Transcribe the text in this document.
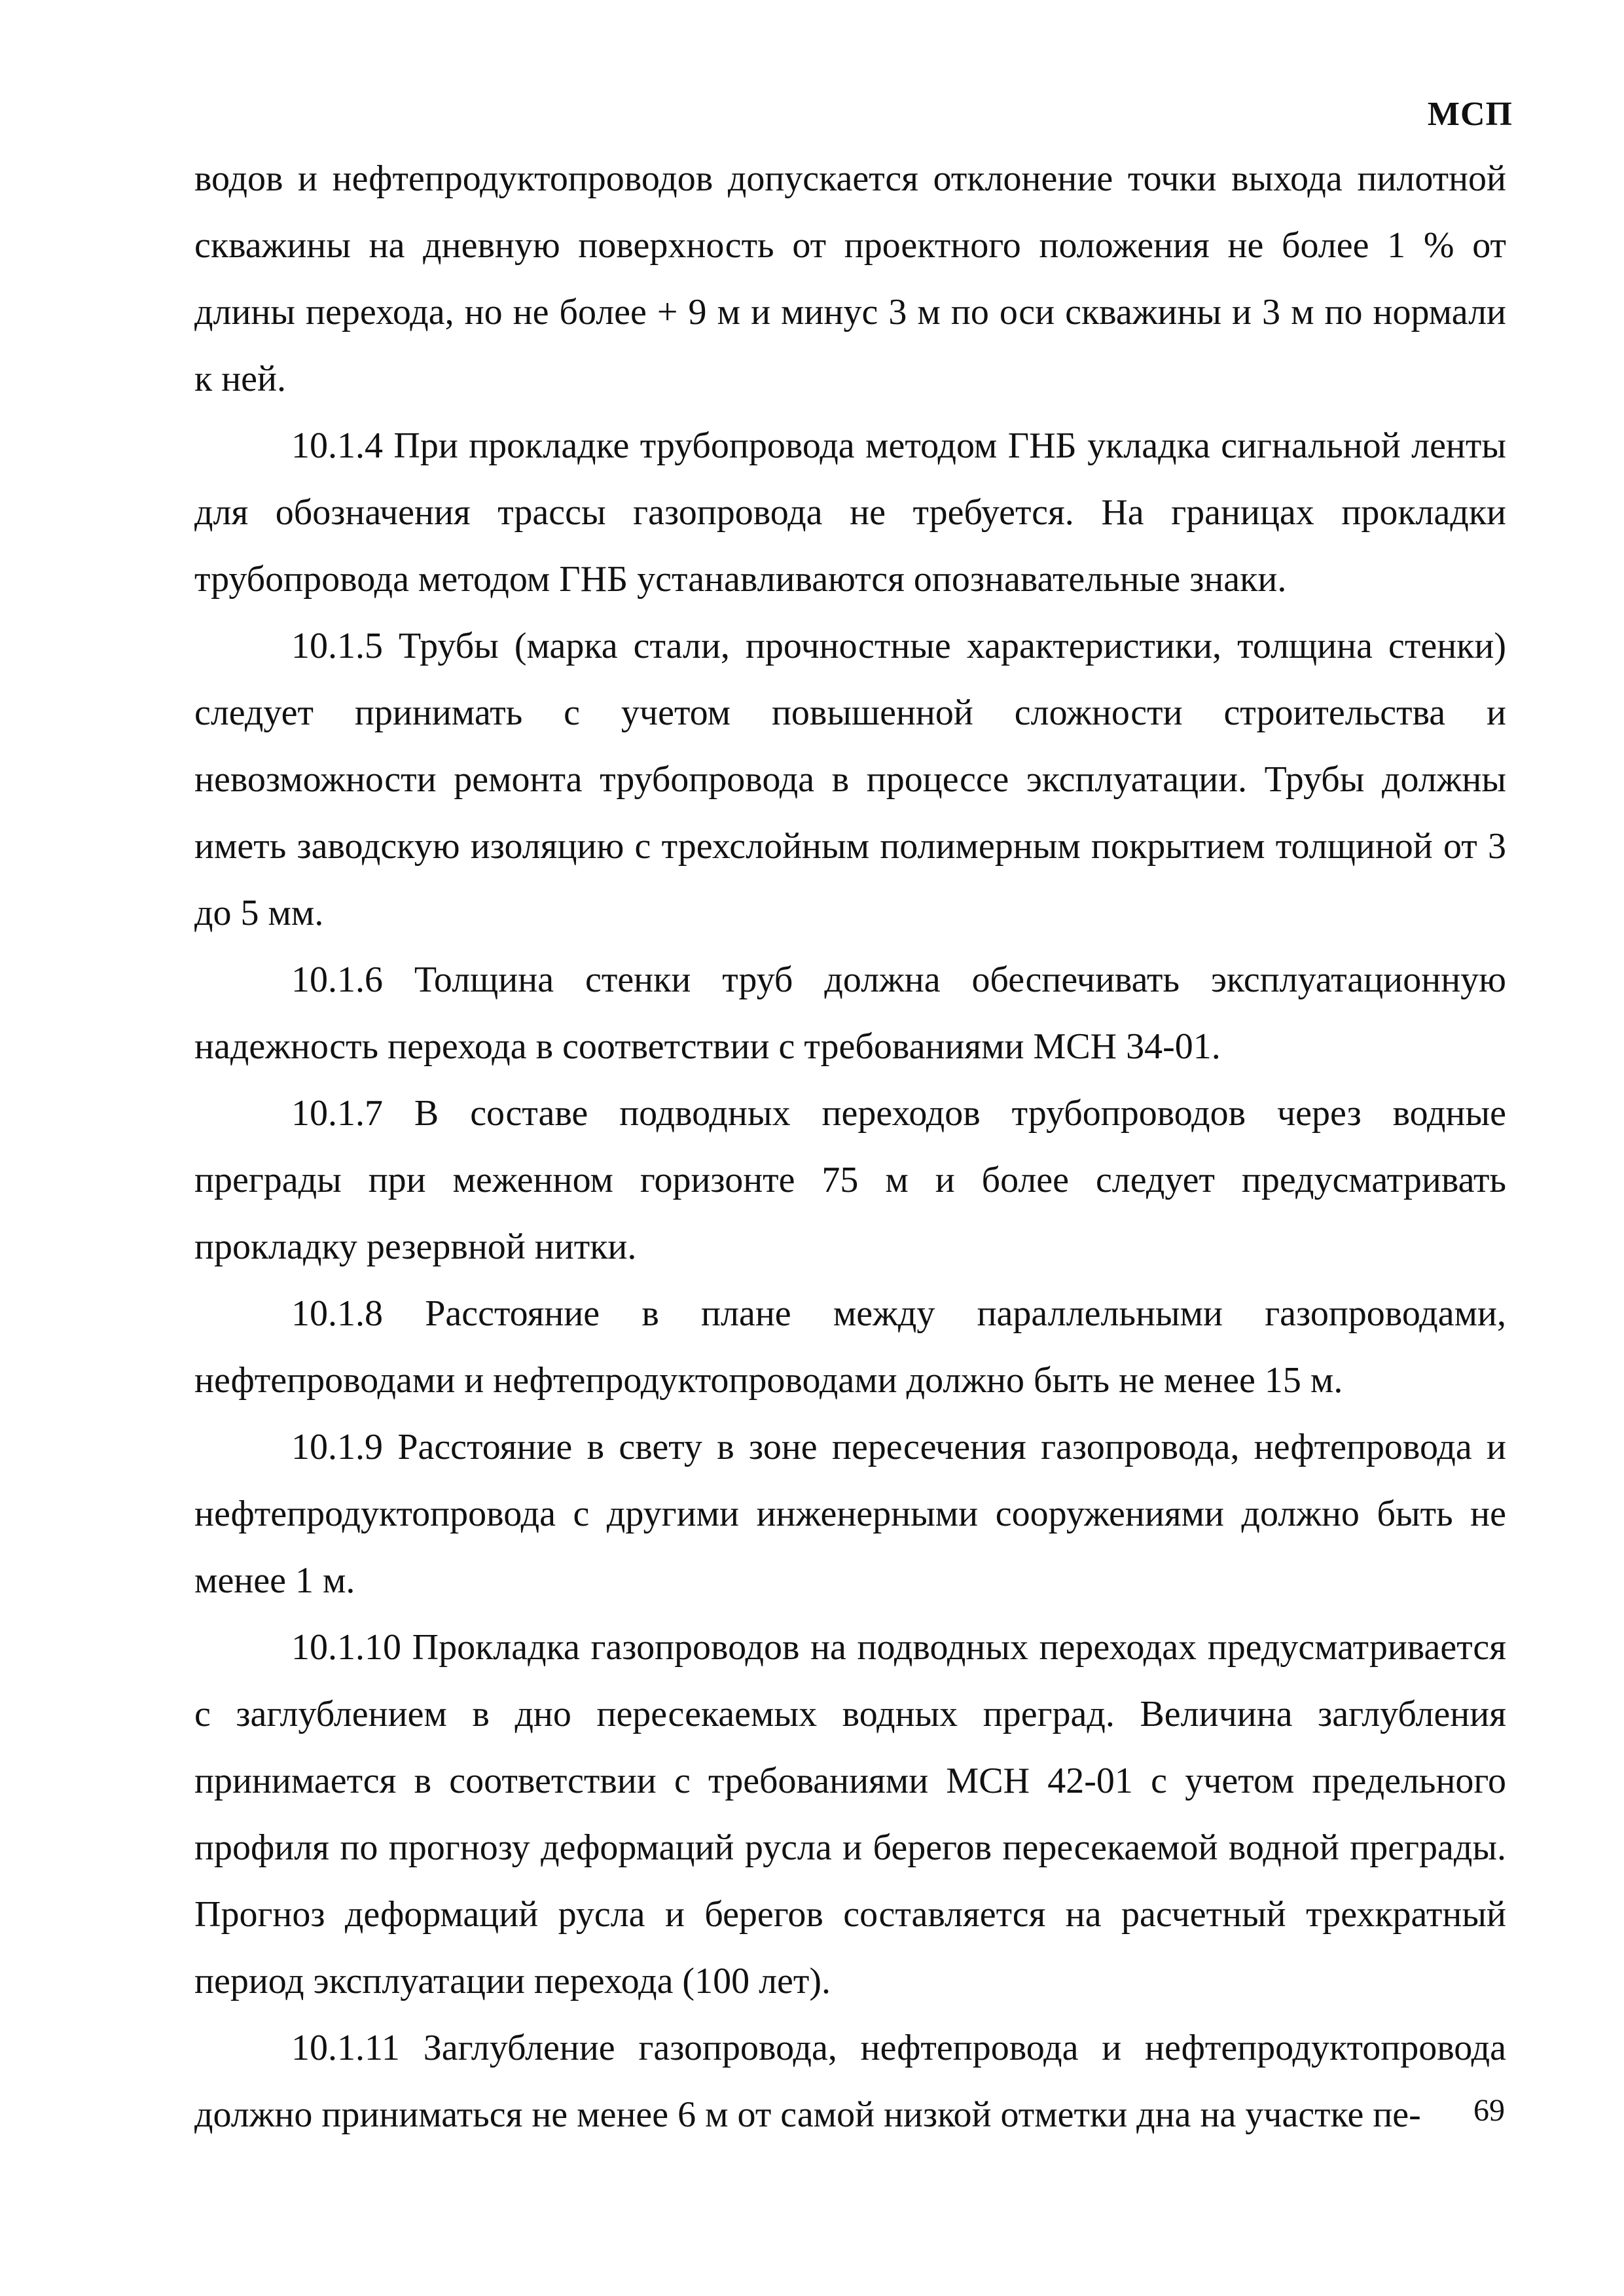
МСП

водов и нефтепродуктопроводов допускается отклонение точки выхода пилотной скважины на дневную поверхность от проектного положения не более 1 % от длины перехода, но не более + 9 м и минус 3 м по оси скважины и 3 м по нормали к ней.

10.1.4 При прокладке трубопровода методом ГНБ укладка сигнальной ленты для обозначения трассы газопровода не требуется. На границах прокладки трубопровода методом ГНБ устанавливаются опознавательные знаки.

10.1.5 Трубы (марка стали, прочностные характеристики, толщина стенки) следует принимать с учетом повышенной сложности строительства и невозможности ремонта трубопровода в процессе эксплуатации. Трубы должны иметь заводскую изоляцию с трехслойным полимерным покрытием толщиной от 3 до 5 мм.

10.1.6 Толщина стенки труб должна обеспечивать эксплуатационную надежность перехода в соответствии с требованиями МСН 34-01.

10.1.7 В составе подводных переходов трубопроводов через водные преграды при меженном горизонте 75 м и более следует предусматривать прокладку резервной нитки.

10.1.8 Расстояние в плане между параллельными газопроводами, нефтепроводами и нефтепродуктопроводами должно быть не менее 15 м.

10.1.9 Расстояние в свету в зоне пересечения газопровода, нефтепровода и нефтепродуктопровода с другими инженерными сооружениями должно быть не менее 1 м.

10.1.10 Прокладка газопроводов на подводных переходах предусматривается с заглублением в дно пересекаемых водных преград. Величина заглубления принимается в соответствии с требованиями МСН 42-01 с учетом предельного профиля по прогнозу деформаций русла и берегов пересекаемой водной преграды. Прогноз деформаций русла и берегов составляется на расчетный трехкратный период эксплуатации перехода (100 лет).

10.1.11 Заглубление газопровода, нефтепровода и нефтепродуктопровода должно приниматься не менее 6 м от самой низкой отметки дна на участке пе-	69
